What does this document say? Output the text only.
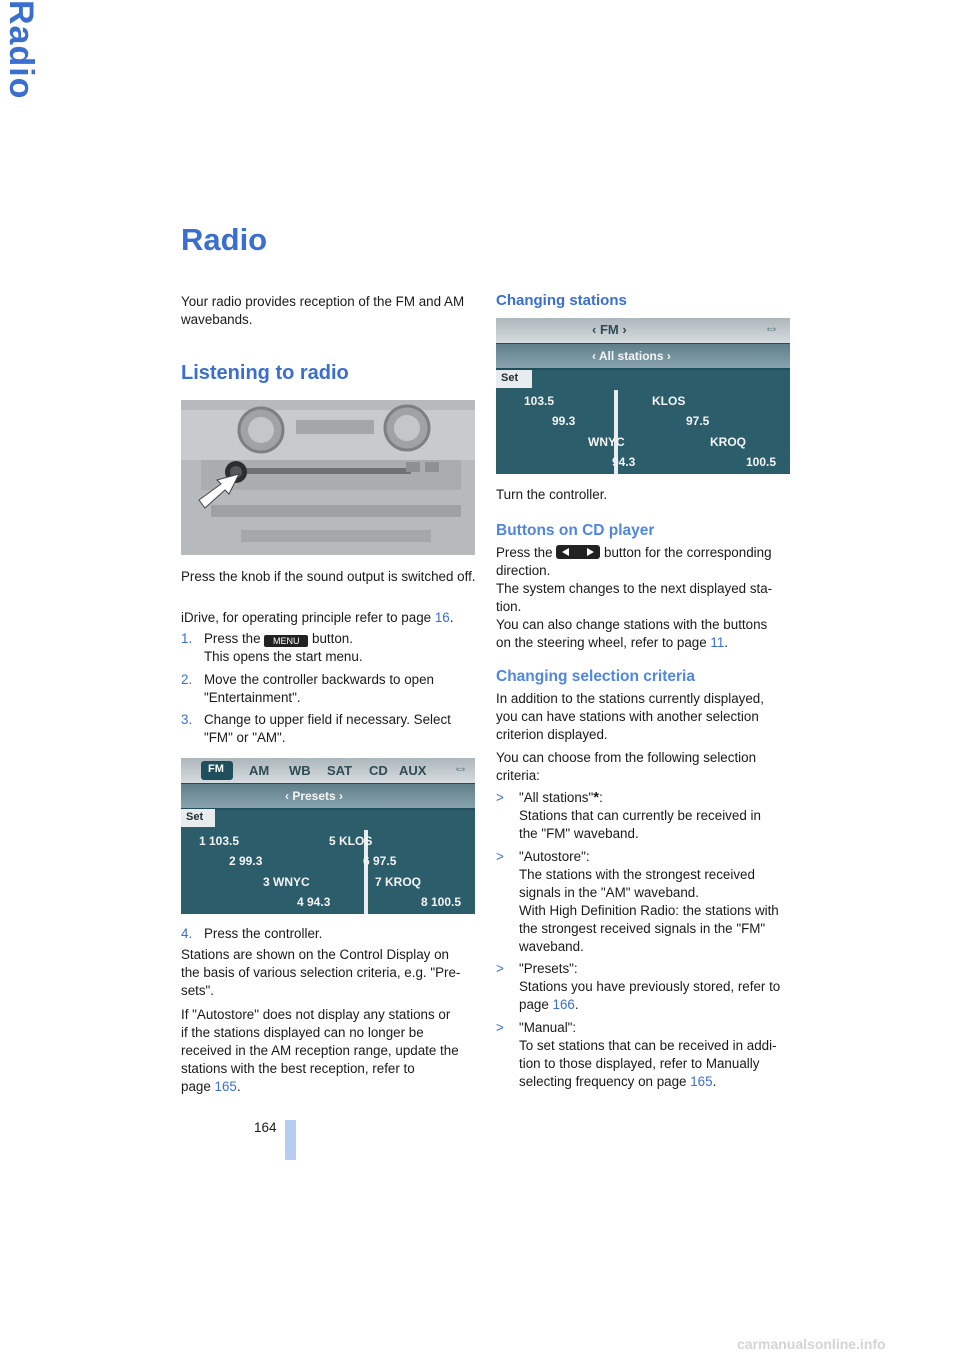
Radio
Radio

Your radio provides reception of the FM and AM wavebands.

Listening to radio

Press the knob if the sound output is switched off.

iDrive, for operating principle refer to page 16.

1. Press the MENU button.
This opens the start menu.
2. Move the controller backwards to open
"Entertainment".
3. Change to upper field if necessary. Select
"FM" or "AM".
FM AM WB SAT CD AUX ⇔
‹ Presets ›
Set
1 103.5	5 KLOS
2 99.3	6 97.5
3 WNYC	7 KROQ
4 94.3	8 100.5
4. Press the controller.

Stations are shown on the Control Display on
the basis of various selection criteria, e.g. "Pre-
sets".

If "Autostore" does not display any stations or
if the stations displayed can no longer be
received in the AM reception range, update the
stations with the best reception, refer to
page 165.

Changing stations
‹ FM ›	⇔
‹ All stations ›
Set
103.5	KLOS
99.3	97.5
WNYC	KROQ
94.3	100.5

Turn the controller.

Buttons on CD player

Press the	button for the corresponding
direction.
The system changes to the next displayed sta-
tion.
You can also change stations with the buttons
on the steering wheel, refer to page 11.

Changing selection criteria

In addition to the stations currently displayed,
you can have stations with another selection
criterion displayed.

You can choose from the following selection
criteria:

> "All stations"*:
Stations that can currently be received in
the "FM" waveband.
> "Autostore":
The stations with the strongest received
signals in the "AM" waveband.
With High Definition Radio: the stations with
the strongest received signals in the "FM"
waveband.
> "Presets":
Stations you have previously stored, refer to
page 166.
> "Manual":
To set stations that can be received in addi-
tion to those displayed, refer to Manually
selecting frequency on page 165.
164
carmanualsonline.info
